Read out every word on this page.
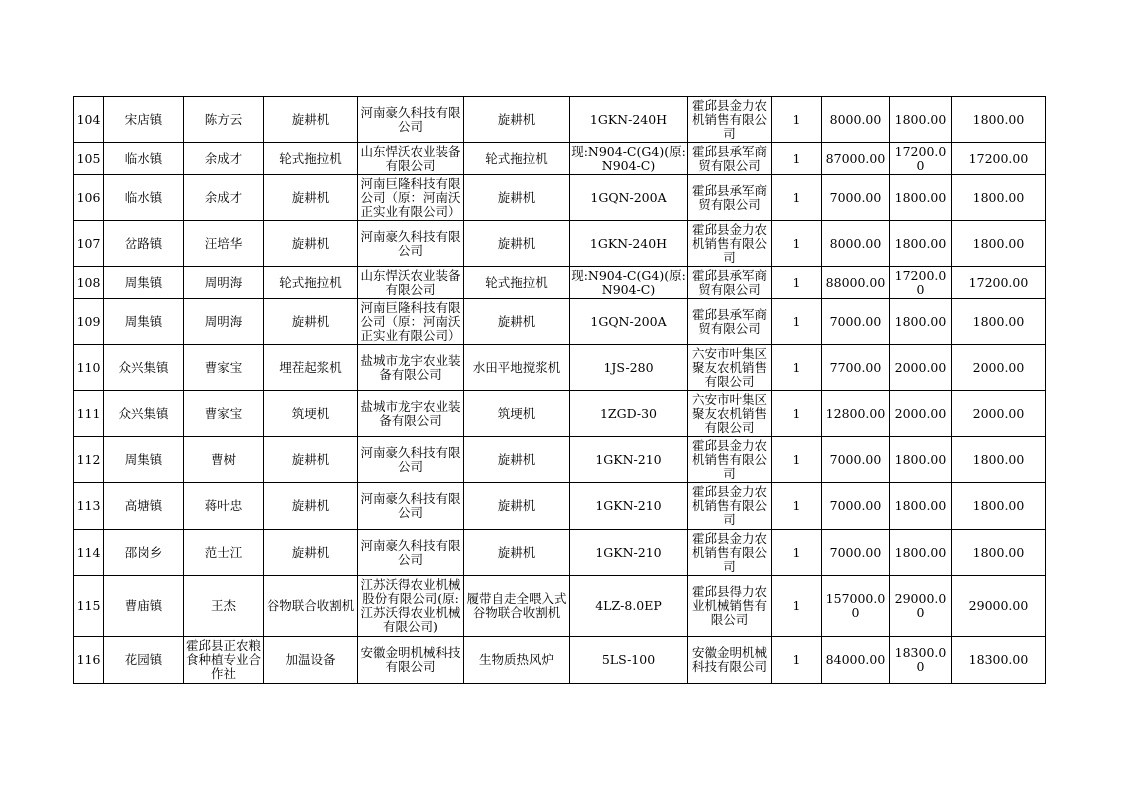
104	宋店镇	陈方云	旋耕机	河南豪久科技有限公司	旋耕机	1GKN-240H	霍邱县金力农机销售有限公司	1	8000.00	1800.00	1800.00
105	临水镇	余成才	轮式拖拉机	山东悍沃农业装备有限公司	轮式拖拉机	现:N904-C(G4)(原:N904-C)	霍邱县承军商贸有限公司	1	87000.00	17200.00	17200.00
106	临水镇	余成才	旋耕机	河南巨隆科技有限公司（原：河南沃正实业有限公司）	旋耕机	1GQN-200A	霍邱县承军商贸有限公司	1	7000.00	1800.00	1800.00
107	岔路镇	汪培华	旋耕机	河南豪久科技有限公司	旋耕机	1GKN-240H	霍邱县金力农机销售有限公司	1	8000.00	1800.00	1800.00
108	周集镇	周明海	轮式拖拉机	山东悍沃农业装备有限公司	轮式拖拉机	现:N904-C(G4)(原:N904-C)	霍邱县承军商贸有限公司	1	88000.00	17200.00	17200.00
109	周集镇	周明海	旋耕机	河南巨隆科技有限公司（原：河南沃正实业有限公司）	旋耕机	1GQN-200A	霍邱县承军商贸有限公司	1	7000.00	1800.00	1800.00
110	众兴集镇	曹家宝	埋茬起浆机	盐城市龙宇农业装备有限公司	水田平地搅浆机	1JS-280	六安市叶集区聚友农机销售有限公司	1	7700.00	2000.00	2000.00
111	众兴集镇	曹家宝	筑埂机	盐城市龙宇农业装备有限公司	筑埂机	1ZGD-30	六安市叶集区聚友农机销售有限公司	1	12800.00	2000.00	2000.00
112	周集镇	曹树	旋耕机	河南豪久科技有限公司	旋耕机	1GKN-210	霍邱县金力农机销售有限公司	1	7000.00	1800.00	1800.00
113	高塘镇	蒋叶忠	旋耕机	河南豪久科技有限公司	旋耕机	1GKN-210	霍邱县金力农机销售有限公司	1	7000.00	1800.00	1800.00
114	邵岗乡	范士江	旋耕机	河南豪久科技有限公司	旋耕机	1GKN-210	霍邱县金力农机销售有限公司	1	7000.00	1800.00	1800.00
115	曹庙镇	王杰	谷物联合收割机	江苏沃得农业机械股份有限公司(原:江苏沃得农业机械有限公司)	履带自走全喂入式谷物联合收割机	4LZ-8.0EP	霍邱县得力农业机械销售有限公司	1	157000.00	29000.00	29000.00
116	花园镇	霍邱县正农粮食种植专业合作社	加温设备	安徽金明机械科技有限公司	生物质热风炉	5LS-100	安徽金明机械科技有限公司	1	84000.00	18300.00	18300.00
